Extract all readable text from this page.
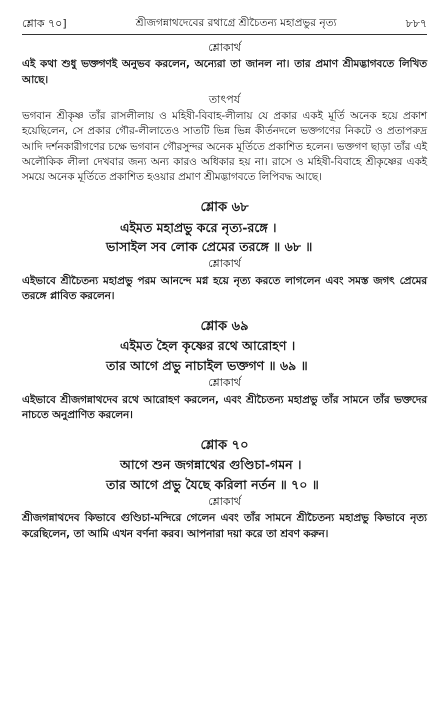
শ্লোক ৭০]	শ্রীজগন্নাথদেবের রথাগ্রে শ্রীচৈতন্য মহাপ্রভুর নৃত্য	৮৮৭

শ্লোকার্থ

এই কথা শুধু ভক্তগণই অনুভব করলেন, অন্যেরা তা জানল না। তার প্রমাণ শ্রীমদ্ভাগবতে লিখিত আছে।

তাৎপর্য

ভগবান শ্রীকৃষ্ণ তাঁর রাসলীলায় ও মহিষী-বিবাহ-লীলায় যে প্রকার একই মূর্তি অনেক হয়ে প্রকাশ হয়েছিলেন, সে প্রকার গৌর-লীলাতেও সাতটি ভিন্ন ভিন্ন কীর্তনদলে ভক্তগণের নিকটে ও প্রতাপরুদ্র আদি দর্শনকারীগণের চক্ষে ভগবান গৌরসুন্দর অনেক মূর্তিতে প্রকাশিত হলেন। ভক্তগণ ছাড়া তাঁর এই অলৌকিক লীলা দেখবার জন্য অন্য কারও অধিকার হয় না। রাসে ও মহিষী-বিবাহে শ্রীকৃষ্ণের একই সময়ে অনেক মূর্তিতে প্রকাশিত হওয়ার প্রমাণ শ্রীমদ্ভাগবতে লিপিবদ্ধ আছে।

শ্লোক ৬৮

এইমত মহাপ্রভু করে নৃত্য-রঙ্গে ।

ভাসাইল সব লোক প্রেমের তরঙ্গে ॥ ৬৮ ॥

শ্লোকার্থ

এইভাবে শ্রীচৈতন্য মহাপ্রভু পরম আনন্দে মগ্ন হয়ে নৃত্য করতে লাগলেন এবং সমস্ত জগৎ প্রেমের তরঙ্গে প্লাবিত করলেন।

শ্লোক ৬৯

এইমত হৈল কৃষ্ণের রথে আরোহণ ।

তার আগে প্রভু নাচাইল ভক্তগণ ॥ ৬৯ ॥

শ্লোকার্থ

এইভাবে শ্রীজগন্নাথদেব রথে আরোহণ করলেন, এবং শ্রীচৈতন্য মহাপ্রভু তাঁর সামনে তাঁর ভক্তদের নাচতে অনুপ্রাণিত করলেন।

শ্লোক ৭০

আগে শুন জগন্নাথের গুণ্ডিচা-গমন ।

তার আগে প্রভু যৈছে করিলা নর্তন ॥ ৭০ ॥

শ্লোকার্থ

শ্রীজগন্নাথদেব কিভাবে গুণ্ডিচা-মন্দিরে গেলেন এবং তাঁর সামনে শ্রীচৈতন্য মহাপ্রভু কিভাবে নৃত্য করেছিলেন, তা আমি এখন বর্ণনা করব। আপনারা দয়া করে তা শ্রবণ করুন।
